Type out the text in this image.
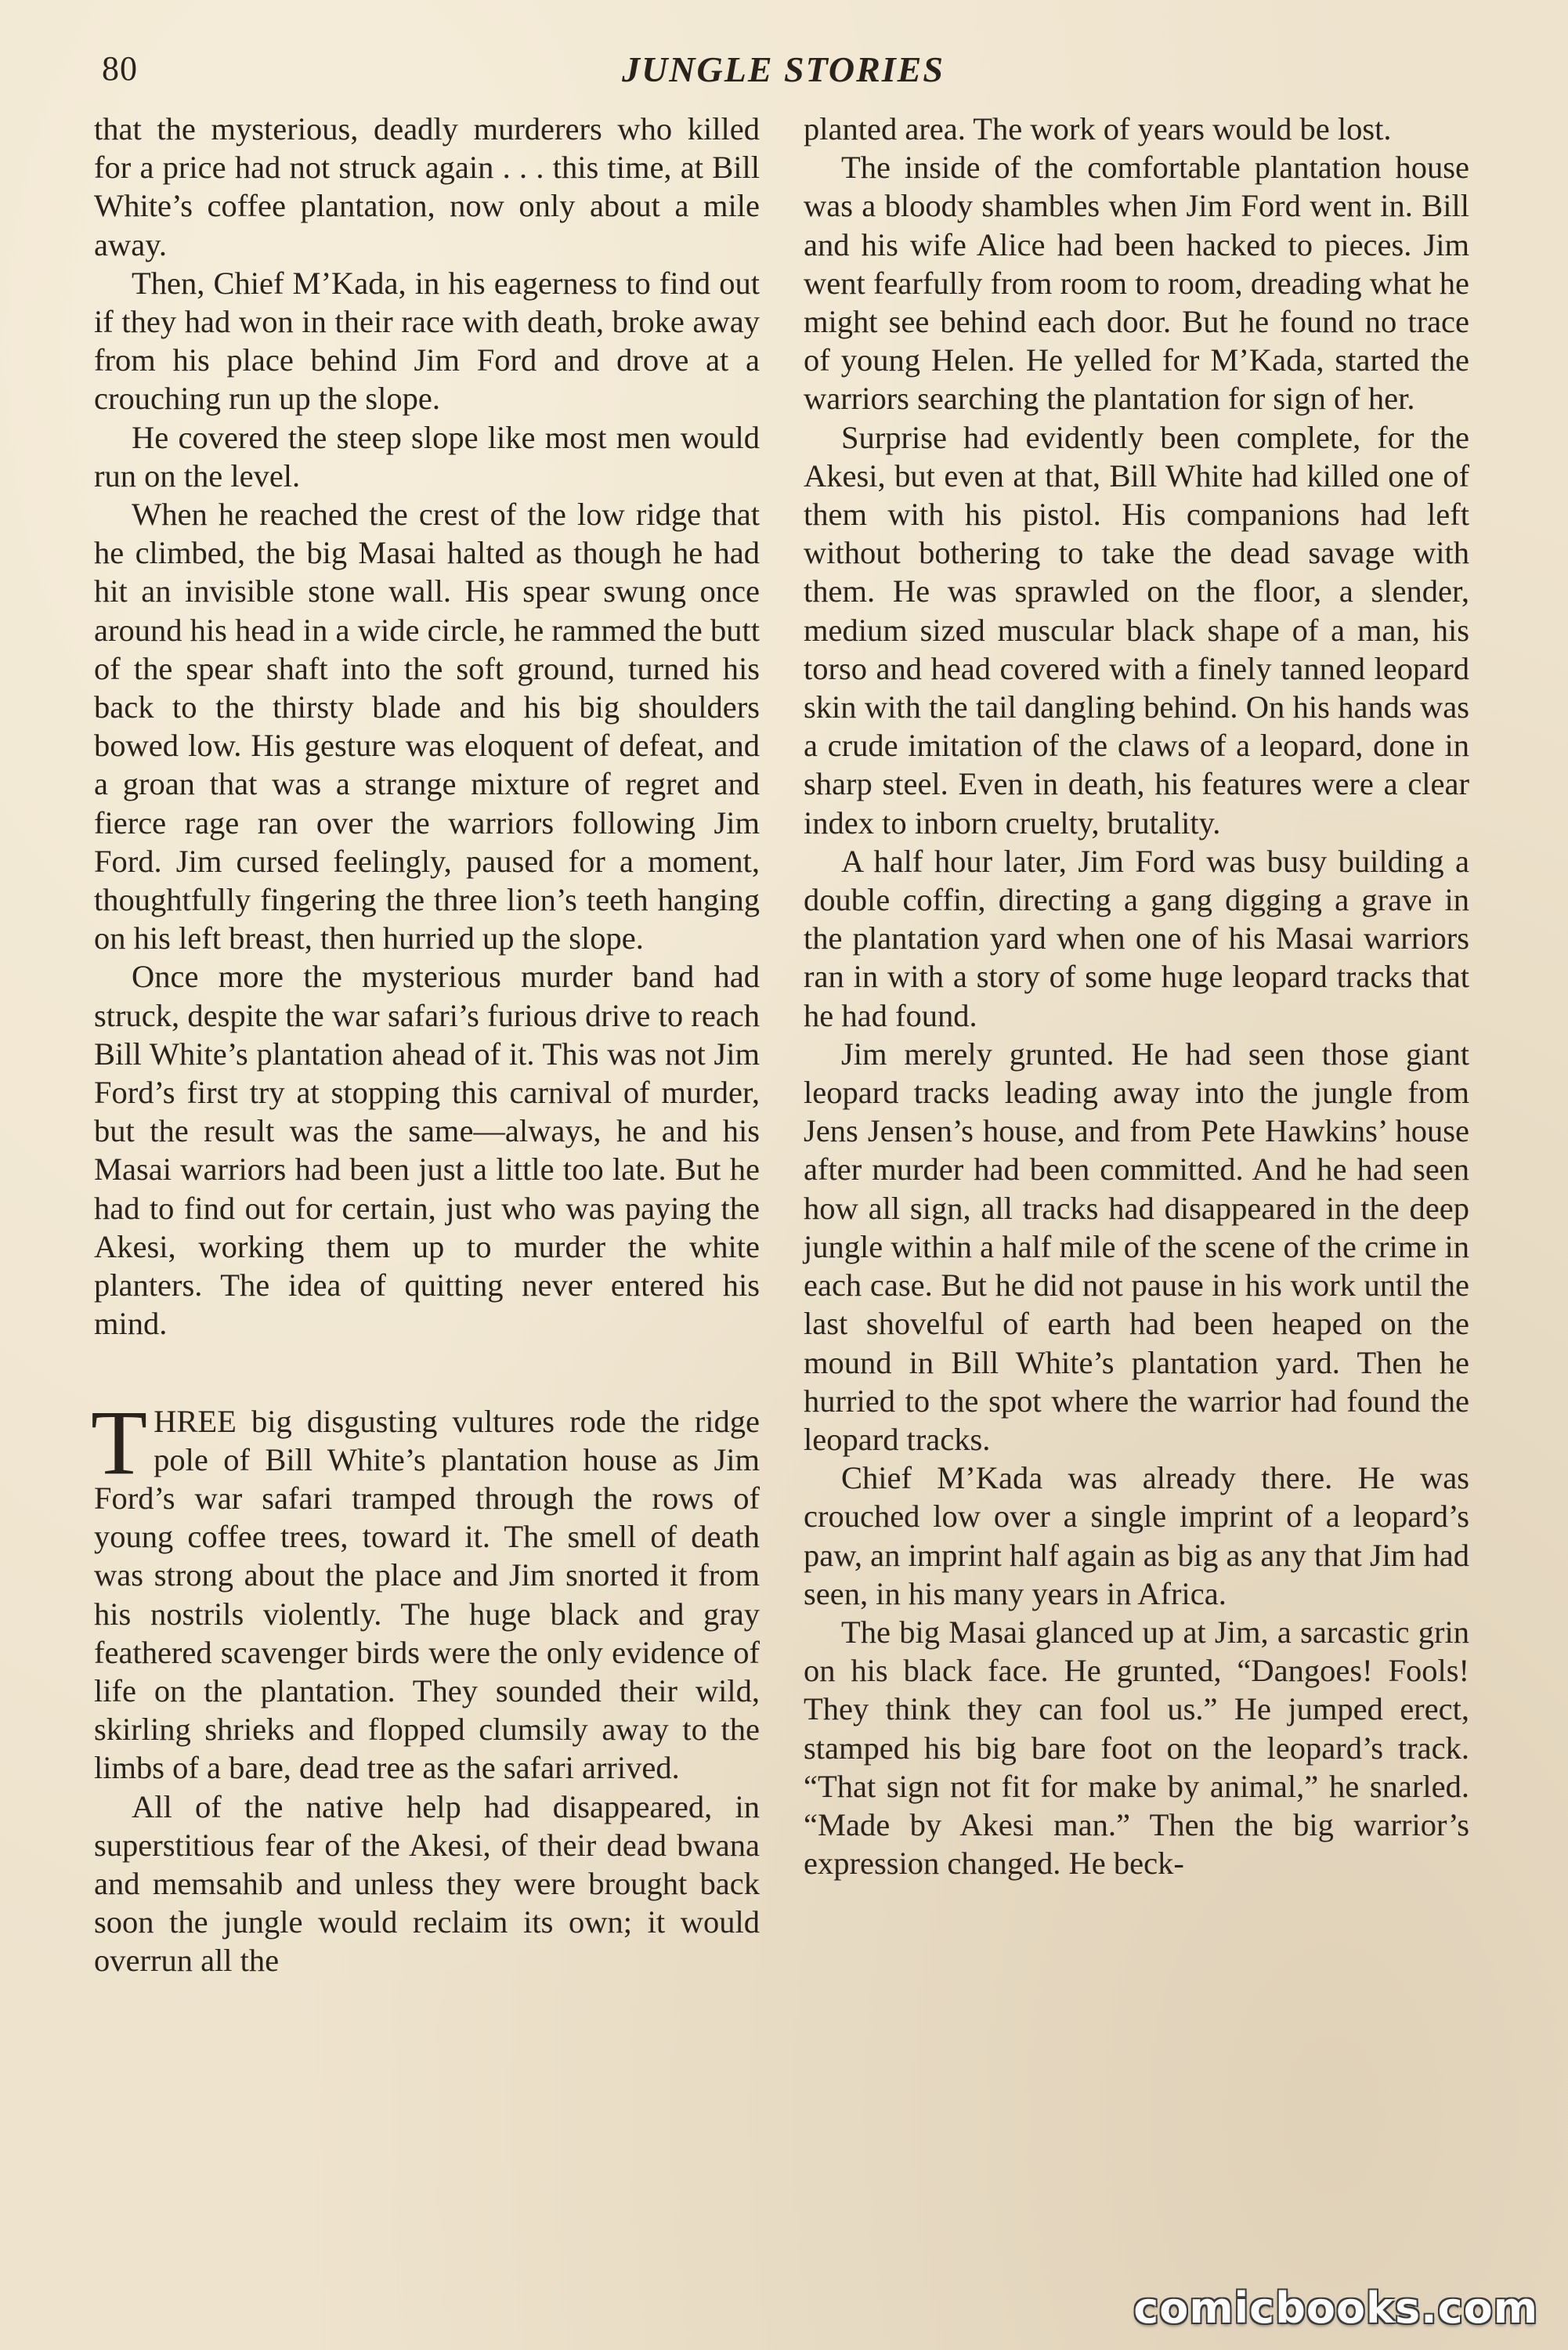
80	JUNGLE STORIES

that the mysterious, deadly murderers who killed for a price had not struck again . . . this time, at Bill White’s coffee plantation, now only about a mile away.

Then, Chief M’Kada, in his eagerness to find out if they had won in their race with death, broke away from his place behind Jim Ford and drove at a crouching run up the slope.

He covered the steep slope like most men would run on the level.

When he reached the crest of the low ridge that he climbed, the big Masai halted as though he had hit an invisible stone wall. His spear swung once around his head in a wide circle, he rammed the butt of the spear shaft into the soft ground, turned his back to the thirsty blade and his big shoulders bowed low. His gesture was eloquent of defeat, and a groan that was a strange mixture of regret and fierce rage ran over the warriors following Jim Ford. Jim cursed feelingly, paused for a moment, thoughtfully fingering the three lion’s teeth hanging on his left breast, then hurried up the slope.

Once more the mysterious murder band had struck, despite the war safari’s furious drive to reach Bill White’s plantation ahead of it. This was not Jim Ford’s first try at stopping this carnival of murder, but the result was the same—always, he and his Masai warriors had been just a little too late. But he had to find out for certain, just who was paying the Akesi, working them up to murder the white planters. The idea of quitting never entered his mind.

THREE big disgusting vultures rode the ridge pole of Bill White’s plantation house as Jim Ford’s war safari tramped through the rows of young coffee trees, toward it. The smell of death was strong about the place and Jim snorted it from his nostrils violently. The huge black and gray feathered scavenger birds were the only evidence of life on the plantation. They sounded their wild, skirling shrieks and flopped clumsily away to the limbs of a bare, dead tree as the safari arrived.

All of the native help had disappeared, in superstitious fear of the Akesi, of their dead bwana and memsahib and unless they were brought back soon the jungle would reclaim its own; it would overrun all the

planted area. The work of years would be lost.

The inside of the comfortable plantation house was a bloody shambles when Jim Ford went in. Bill and his wife Alice had been hacked to pieces. Jim went fearfully from room to room, dreading what he might see behind each door. But he found no trace of young Helen. He yelled for M’Kada, started the warriors searching the plantation for sign of her.

Surprise had evidently been complete, for the Akesi, but even at that, Bill White had killed one of them with his pistol. His companions had left without bothering to take the dead savage with them. He was sprawled on the floor, a slender, medium sized muscular black shape of a man, his torso and head covered with a finely tanned leopard skin with the tail dangling behind. On his hands was a crude imitation of the claws of a leopard, done in sharp steel. Even in death, his features were a clear index to inborn cruelty, brutality.

A half hour later, Jim Ford was busy building a double coffin, directing a gang digging a grave in the plantation yard when one of his Masai warriors ran in with a story of some huge leopard tracks that he had found.

Jim merely grunted. He had seen those giant leopard tracks leading away into the jungle from Jens Jensen’s house, and from Pete Hawkins’ house after murder had been committed. And he had seen how all sign, all tracks had disappeared in the deep jungle within a half mile of the scene of the crime in each case. But he did not pause in his work until the last shovelful of earth had been heaped on the mound in Bill White’s plantation yard. Then he hurried to the spot where the warrior had found the leopard tracks.

Chief M’Kada was already there. He was crouched low over a single imprint of a leopard’s paw, an imprint half again as big as any that Jim had seen, in his many years in Africa.

The big Masai glanced up at Jim, a sarcastic grin on his black face. He grunted, “Dangoes! Fools! They think they can fool us.” He jumped erect, stamped his big bare foot on the leopard’s track. “That sign not fit for make by animal,” he snarled. “Made by Akesi man.” Then the big warrior’s expression changed. He beck-

comicbooks.com
